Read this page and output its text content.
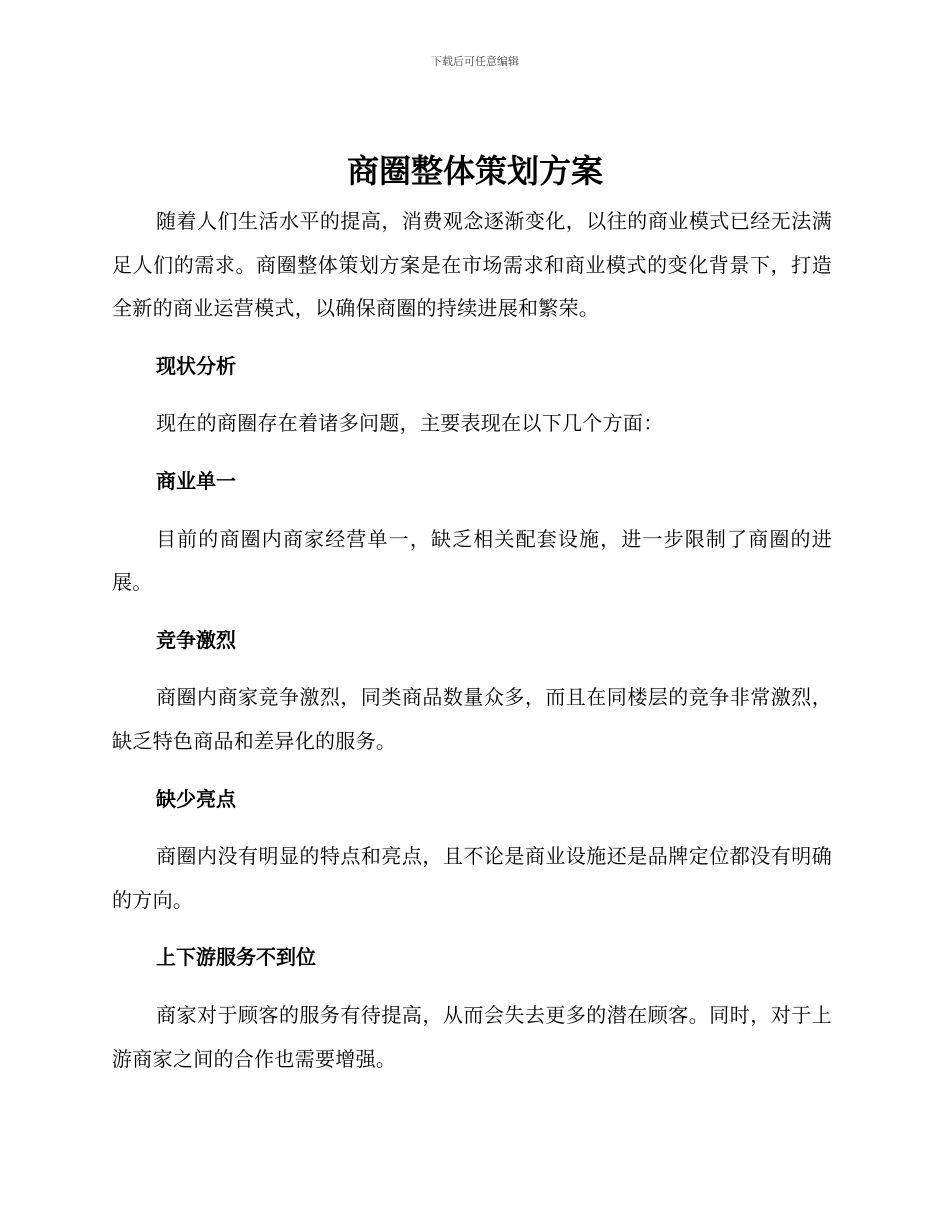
下载后可任意编辑
商圈整体策划方案

随着人们生活水平的提高，消费观念逐渐变化，以往的商业模式已经无法满足人们的需求。商圈整体策划方案是在市场需求和商业模式的变化背景下，打造全新的商业运营模式，以确保商圈的持续进展和繁荣。

现状分析

现在的商圈存在着诸多问题，主要表现在以下几个方面：

商业单一

目前的商圈内商家经营单一，缺乏相关配套设施，进一步限制了商圈的进展。

竞争激烈

商圈内商家竞争激烈，同类商品数量众多，而且在同楼层的竞争非常激烈，缺乏特色商品和差异化的服务。

缺少亮点

商圈内没有明显的特点和亮点，且不论是商业设施还是品牌定位都没有明确的方向。

上下游服务不到位

商家对于顾客的服务有待提高，从而会失去更多的潜在顾客。同时，对于上游商家之间的合作也需要增强。
